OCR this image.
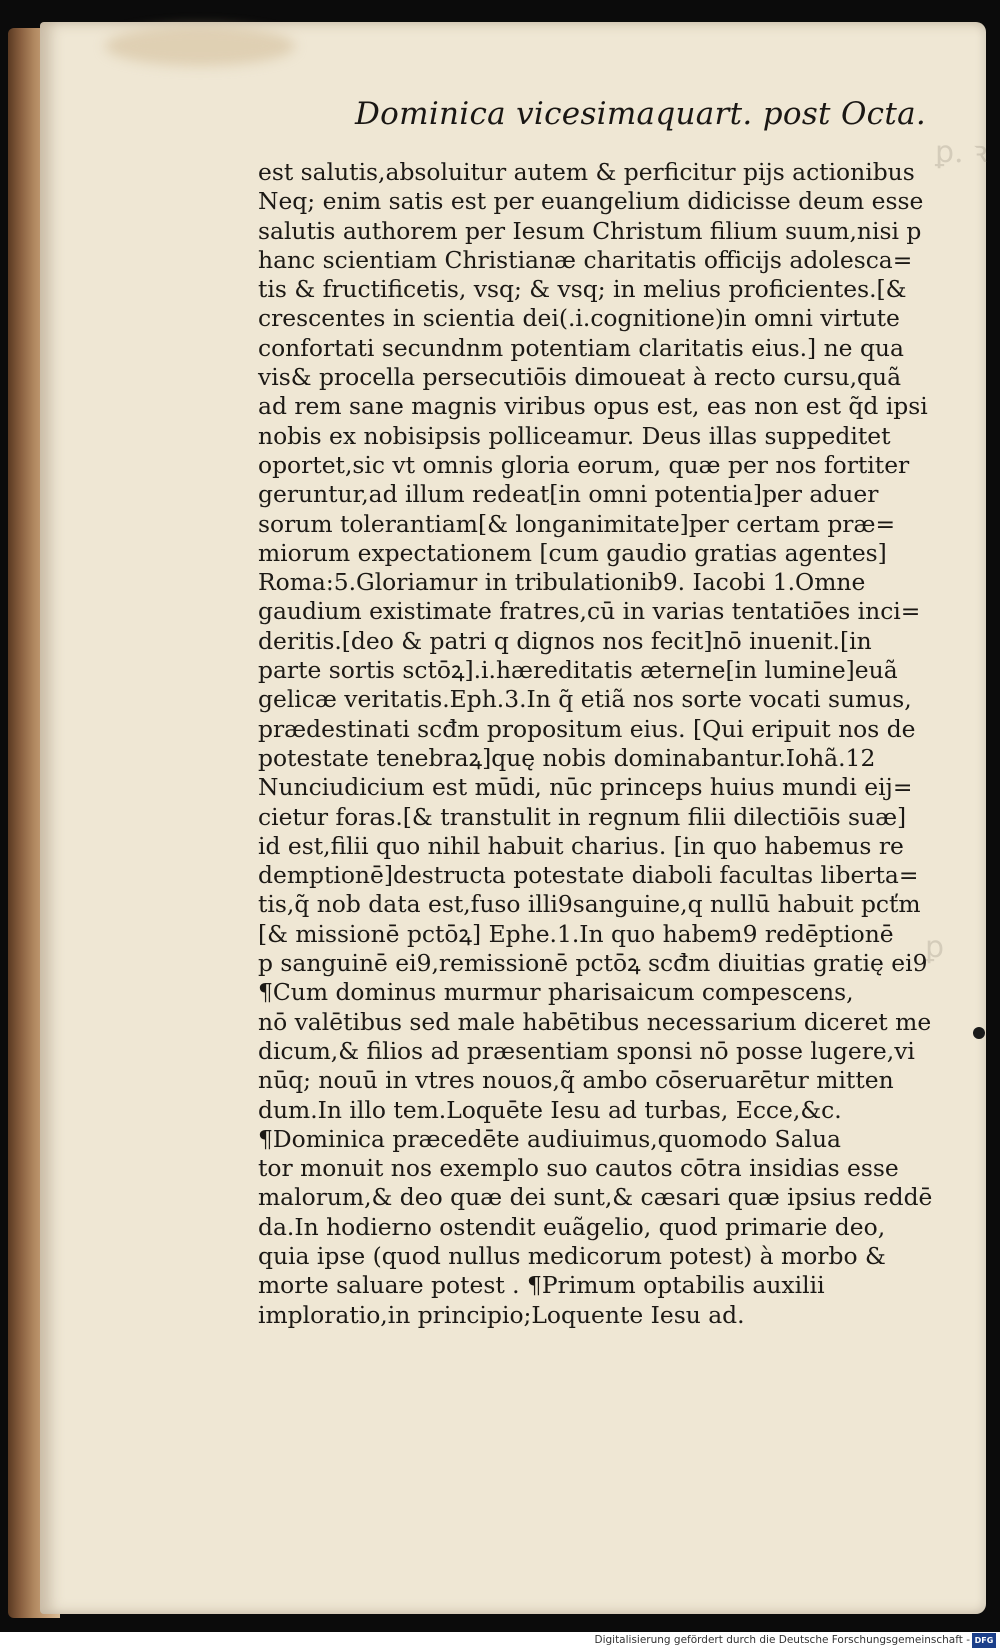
ꝑ. ꝛ
ꝑ
Dominica vicesimaquart. post Octa.
est salutis,absoluitur autem & perficitur pijs actionibus
Neq; enim satis est per euangelium didicisse deum esse
salutis authorem per Iesum Christum filium suum,nisi p
hanc scientiam Christianæ charitatis officijs adolesca=
tis & fructificetis, vsq; & vsq; in melius proficientes.[&
crescentes in scientia dei(.i.cognitione)in omni virtute
confortati secundnm potentiam claritatis eius.] ne qua
vis& procella persecutiōis dimoueat à recto cursu,quã
ad rem sane magnis viribus opus est, eas non est q̃d ipsi
nobis ex nobisipsis polliceamur. Deus illas suppeditet
oportet,sic vt omnis gloria eorum, quæ per nos fortiter
geruntur,ad illum redeat[in omni potentia]per aduer
sorum tolerantiam[& longanimitate]per certam præ=
miorum expectationem [cum gaudio gratias agentes]
Roma:5.Gloriamur in tribulationib9. Iacobi 1.Omne
gaudium existimate fratres,cū in varias tentatiōes inci=
deritis.[deo & patri q dignos nos fecit]nō inuenit.[in
parte sortis sctōꝝ].i.hæreditatis æterne[in lumine]euã
gelicæ veritatis.Eph.3.In q̃ etiã nos sorte vocati sumus,
prædestinati scđm propositum eius. [Qui eripuit nos de
potestate tenebraꝝ]quę nobis dominabantur.Iohã.12
Nunciudicium est mūdi, nūc princeps huius mundi eij=
cietur foras.[& transtulit in regnum filii dilectiōis suæ]
id est,filii quo nihil habuit charius. [in quo habemus re
demptionē]destructa potestate diaboli facultas liberta=
tis,q̃ nob data est,fuso illi9sanguine,q nullū habuit pcťm
[& missionē pctōꝝ] Ephe.1.In quo habem9 redēptionē
p sanguinē ei9,remissionē pctōꝝ scđm diuitias gratię ei9
¶Cum dominus murmur pharisaicum compescens,
nō valētibus sed male habētibus necessarium diceret me
dicum,& filios ad præsentiam sponsi nō posse lugere,vi
nūq; nouū in vtres nouos,q̃ ambo cōseruarētur mitten
dum.In illo tem.Loquēte Iesu ad turbas, Ecce,&c.
¶Dominica præcedēte audiuimus,quomodo Salua
tor monuit nos exemplo suo cautos cōtra insidias esse
malorum,& deo quæ dei sunt,& cæsari quæ ipsius reddē
da.In hodierno ostendit euãgelio, quod primarie deo,
quia ipse (quod nullus medicorum potest) à morbo &
morte saluare potest . ¶Primum optabilis auxilii
imploratio,in principio;Loquente Iesu ad.
Digitalisierung gefördert durch die Deutsche Forschungsgemeinschaft - DFG
